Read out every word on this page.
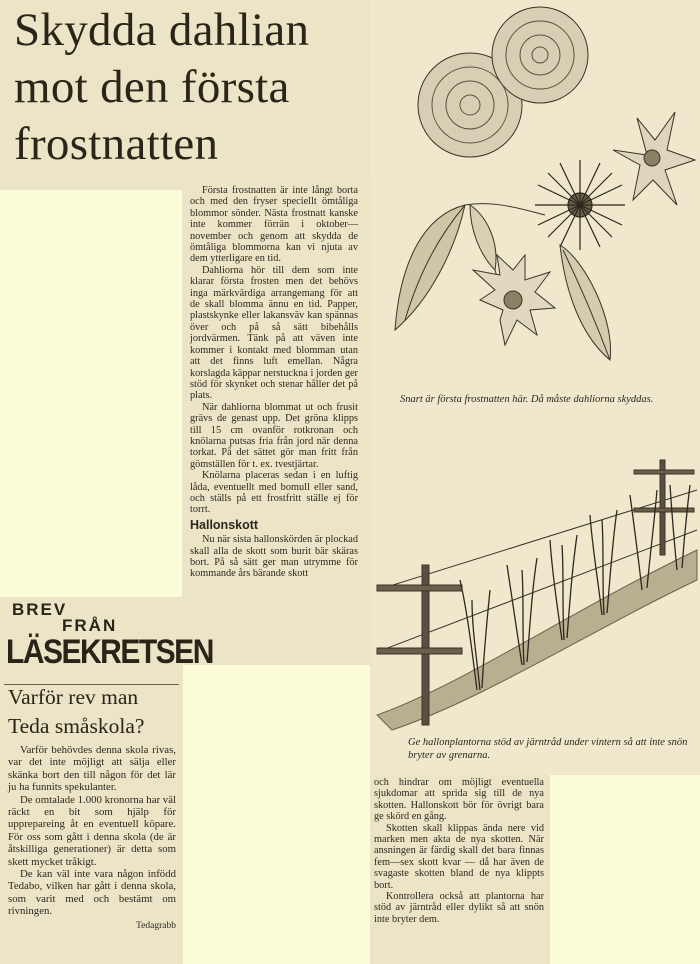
Skydda dahlian
mot den första
frostnatten

Första frostnatten är inte långt borta och med den fryser speciellt ömtåliga blommor sönder. Nästa frostnatt kanske inte kommer förrän i oktober—november och genom att skydda de ömtåliga blommorna kan vi njuta av dem ytterligare en tid.

Dahliorna hör till dem som inte klarar första frosten men det behövs inga märkvärdiga arrangemang för att de skall blomma ännu en tid. Papper, plastskynke eller lakansväv kan spännas över och på så sätt bibehålls jordvärmen. Tänk på att väven inte kommer i kontakt med blomman utan att det finns luft emellan. Några korslagda käppar nerstuckna i jorden ger stöd för skynket och stenar håller det på plats.

När dahliorna blommat ut och frusit grävs de genast upp. Det gröna klipps till 15 cm ovanför rotkronan och knölarna putsas fria från jord när denna torkat. På det sättet gör man fritt från gömställen för t. ex. tvestjärtar.

Knölarna placeras sedan i en luftig låda, eventuellt med bomull eller sand, och ställs på ett frostfritt ställe ej för torrt.

Hallonskott

Nu när sista hallonskörden är plockad skall alla de skott som burit bär skäras bort. På så sätt ger man utrymme för kommande års bärande skott

Snart är första frostnatten här. Då måste dahliorna skyddas.
Ge hallonplantorna stöd av järntråd under vintern så att inte snön bryter av grenarna.

och hindrar om möjligt eventuella sjukdomar att sprida sig till de nya skotten. Hallonskott bör för övrigt bara ge skörd en gång.

Skotten skall klippas ända nere vid marken men akta de nya skotten. När ansningen är färdig skall det bara finnas fem—sex skott kvar — då har även de svagaste skotten bland de nya klippts bort.

Kontrollera också att plantorna har stöd av järntråd eller dylikt så att snön inte bryter dem.

BREV
FRÅN
LÄSEKRETSEN
Varför rev man
Teda småskola?

Varför behövdes denna skola rivas, var det inte möjligt att sälja eller skänka bort den till någon för det lär ju ha funnits spekulanter.

De omtalade 1.000 kronorna har väl räckt en bit som hjälp för upprepareing åt en eventuell köpare. För oss som gått i denna skola (de är åtskilliga generationer) är detta som skett mycket tråkigt.

De kan väl inte vara någon infödd Tedabo, vilken har gått i denna skola, som varit med och bestämt om rivningen.

Tedagrabb
